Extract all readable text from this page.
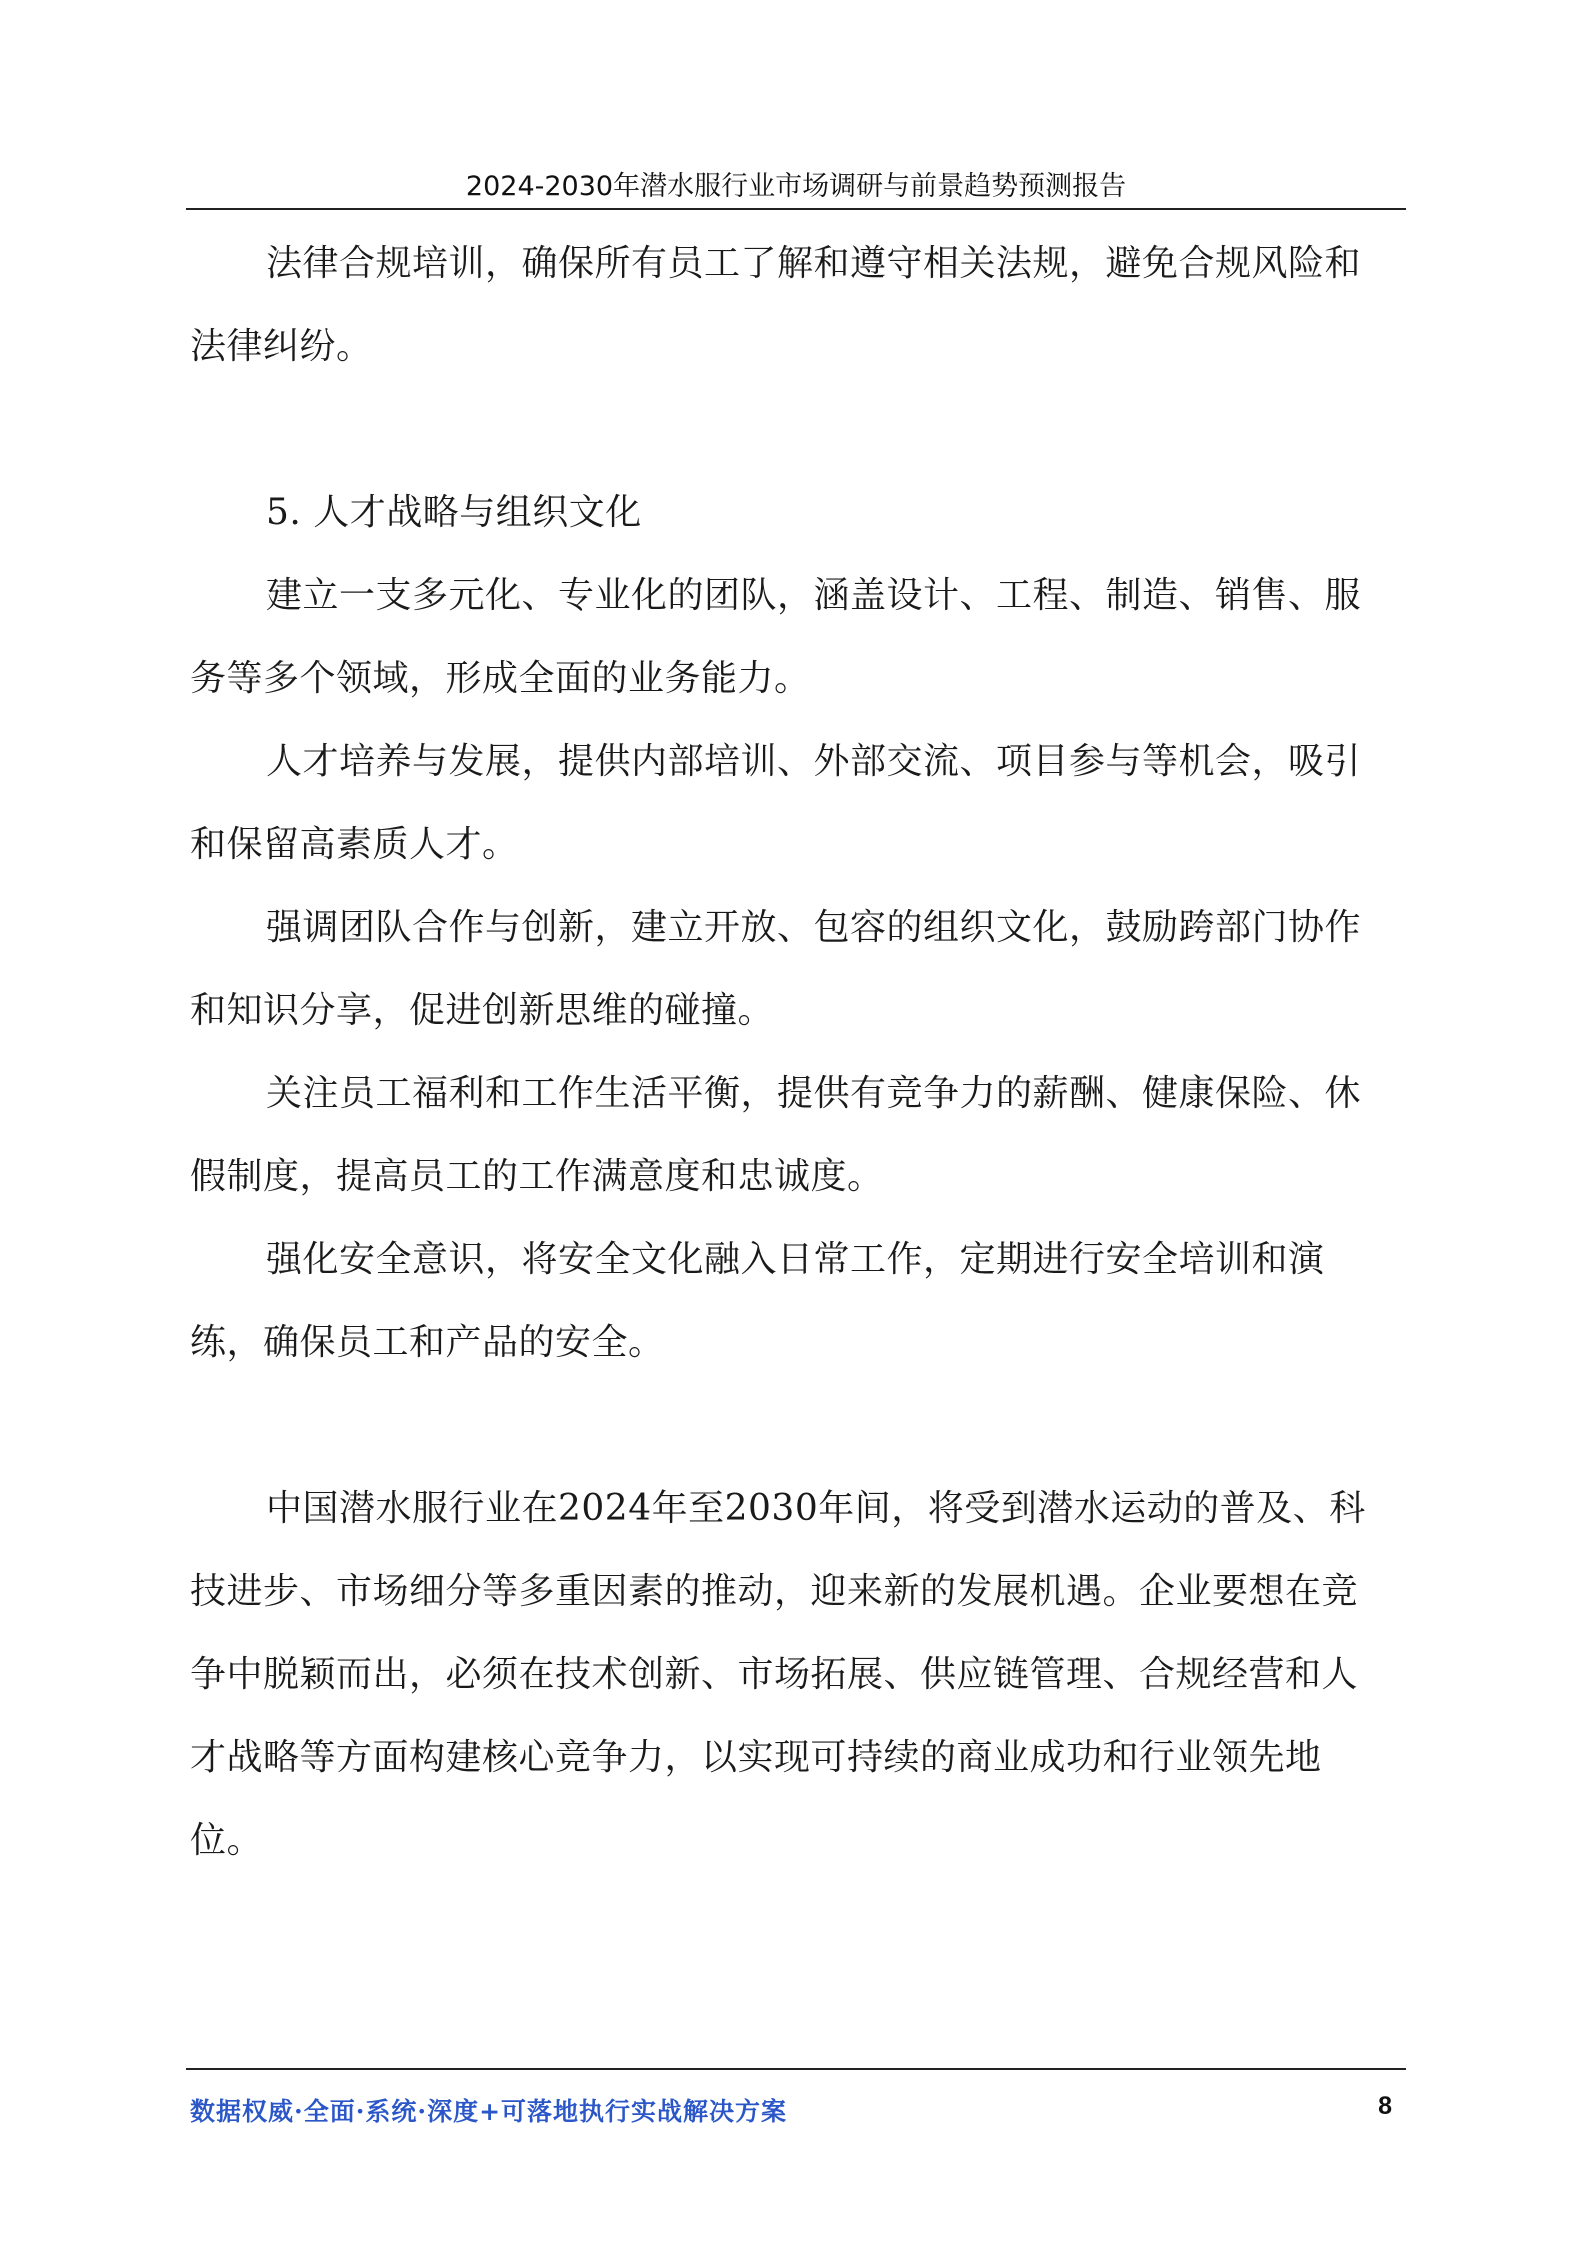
2024-2030年潜水服行业市场调研与前景趋势预测报告

法律合规培训，确保所有员工了解和遵守相关法规，避免合规风险和法律纠纷。

5. 人才战略与组织文化

建立一支多元化、专业化的团队，涵盖设计、工程、制造、销售、服务等多个领域，形成全面的业务能力。

人才培养与发展，提供内部培训、外部交流、项目参与等机会，吸引和保留高素质人才。

强调团队合作与创新，建立开放、包容的组织文化，鼓励跨部门协作和知识分享，促进创新思维的碰撞。

关注员工福利和工作生活平衡，提供有竞争力的薪酬、健康保险、休假制度，提高员工的工作满意度和忠诚度。

强化安全意识，将安全文化融入日常工作，定期进行安全培训和演练，确保员工和产品的安全。

中国潜水服行业在2024年至2030年间，将受到潜水运动的普及、科技进步、市场细分等多重因素的推动，迎来新的发展机遇。企业要想在竞争中脱颖而出，必须在技术创新、市场拓展、供应链管理、合规经营和人才战略等方面构建核心竞争力，以实现可持续的商业成功和行业领先地位。

数据权威·全面·系统·深度+可落地执行实战解决方案	8
